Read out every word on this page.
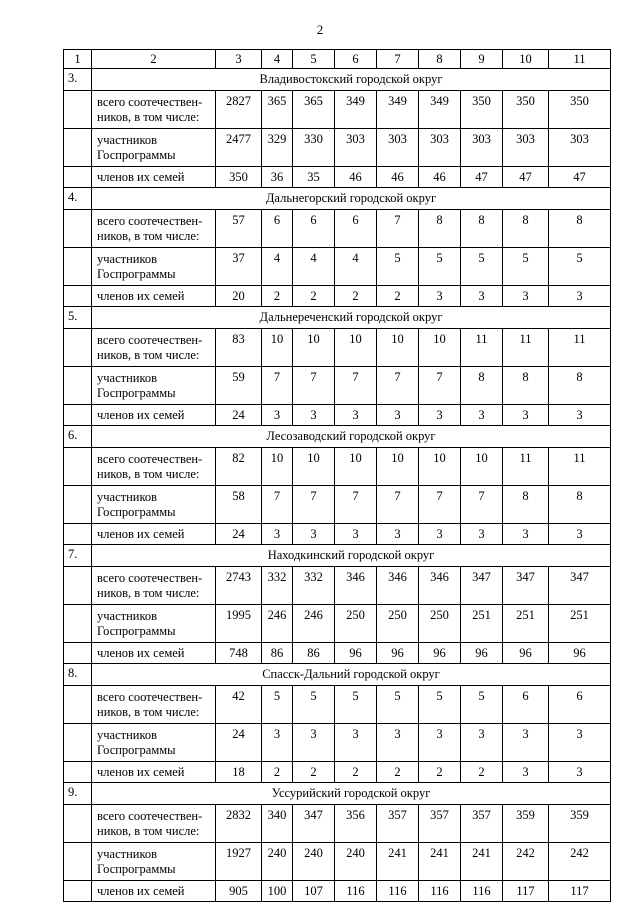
2
1	2	3	4	5	6	7	8	9	10	11
3.	Владивостокский городской округ									
	всего соотечествен-ников, в том числе:	2827	365	365	349	349	349	350	350	350
	участников Госпрограммы	2477	329	330	303	303	303	303	303	303
	членов их семей	350	36	35	46	46	46	47	47	47
4.	Дальнегорский городской округ									
	всего соотечествен-ников, в том числе:	57	6	6	6	7	8	8	8	8
	участников Госпрограммы	37	4	4	4	5	5	5	5	5
	членов их семей	20	2	2	2	2	3	3	3	3
5.	Дальнереченский городской округ									
	всего соотечествен-ников, в том числе:	83	10	10	10	10	10	11	11	11
	участников Госпрограммы	59	7	7	7	7	7	8	8	8
	членов их семей	24	3	3	3	3	3	3	3	3
6.	Лесозаводский городской округ									
	всего соотечествен-ников, в том числе:	82	10	10	10	10	10	10	11	11
	участников Госпрограммы	58	7	7	7	7	7	7	8	8
	членов их семей	24	3	3	3	3	3	3	3	3
7.	Находкинский городской округ									
	всего соотечествен-ников, в том числе:	2743	332	332	346	346	346	347	347	347
	участников Госпрограммы	1995	246	246	250	250	250	251	251	251
	членов их семей	748	86	86	96	96	96	96	96	96
8.	Спасск-Дальний городской округ									
	всего соотечествен-ников, в том числе:	42	5	5	5	5	5	5	6	6
	участников Госпрограммы	24	3	3	3	3	3	3	3	3
	членов их семей	18	2	2	2	2	2	2	3	3
9.	Уссурийский городской округ									
	всего соотечествен-ников, в том числе:	2832	340	347	356	357	357	357	359	359
	участников Госпрограммы	1927	240	240	240	241	241	241	242	242
	членов их семей	905	100	107	116	116	116	116	117	117
